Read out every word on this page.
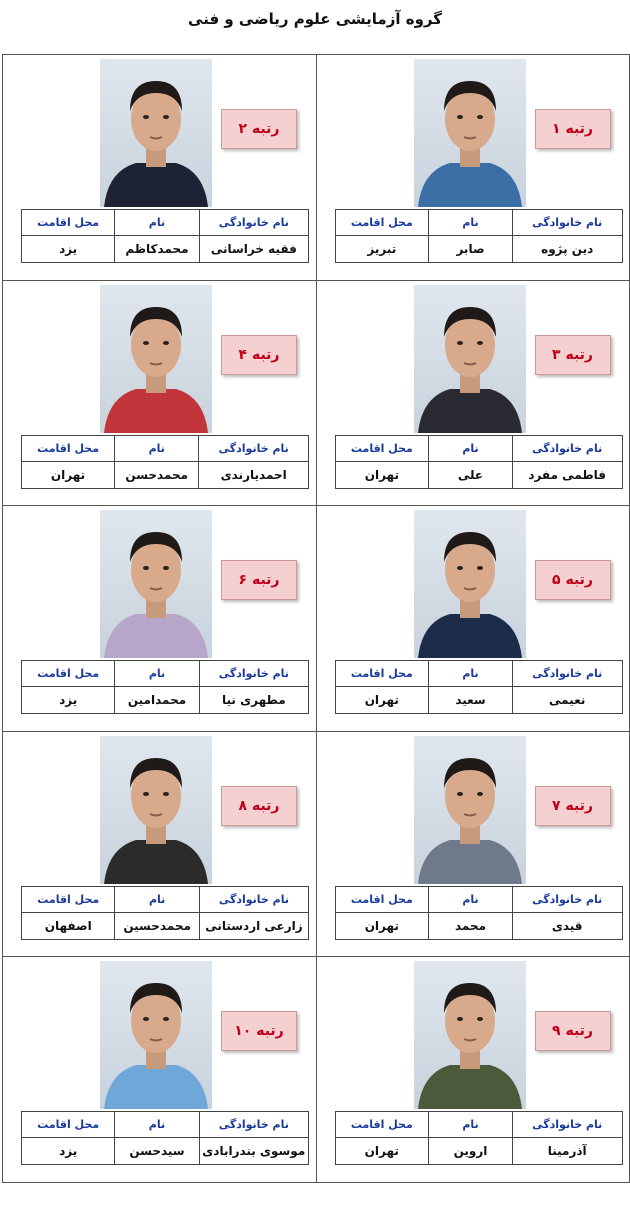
گروه آزمایشی علوم ریاضی و فنی
رتبه ۱
نام خانوادگی	نام	محل اقامت
دین پژوه	صابر	تبریز
رتبه ۲
نام خانوادگی	نام	محل اقامت
فقیه خراسانی	محمدکاظم	یزد
رتبه ۳
نام خانوادگی	نام	محل اقامت
فاطمی مفرد	علی	تهران
رتبه ۴
نام خانوادگی	نام	محل اقامت
احمدیارندی	محمدحسن	تهران
رتبه ۵
نام خانوادگی	نام	محل اقامت
نعیمی	سعید	تهران
رتبه ۶
نام خانوادگی	نام	محل اقامت
مطهری نیا	محمدامین	یزد
رتبه ۷
نام خانوادگی	نام	محل اقامت
قیدی	محمد	تهران
رتبه ۸
نام خانوادگی	نام	محل اقامت
زارعی اردستانی	محمدحسین	اصفهان
رتبه ۹
نام خانوادگی	نام	محل اقامت
آذرمینا	اروین	تهران
رتبه ۱۰
نام خانوادگی	نام	محل اقامت
موسوی بندرابادی	سیدحسن	یزد
